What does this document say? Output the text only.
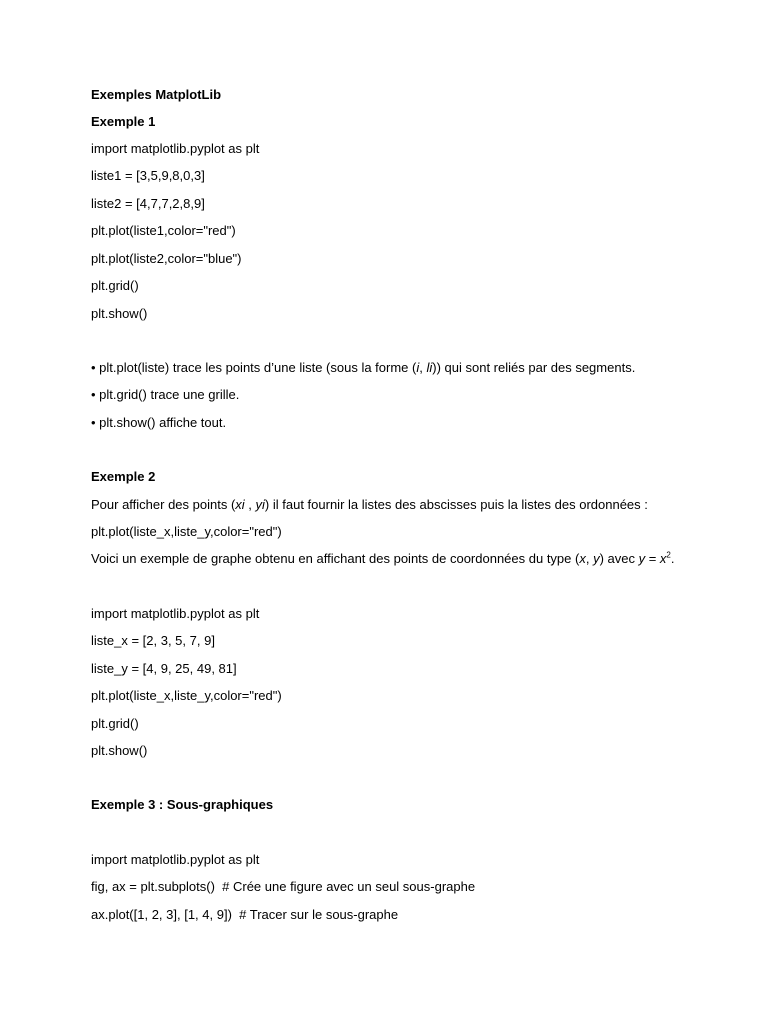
Exemples MatplotLib
Exemple 1
import matplotlib.pyplot as plt
liste1 = [3,5,9,8,0,3]
liste2 = [4,7,7,2,8,9]
plt.plot(liste1,color="red")
plt.plot(liste2,color="blue")
plt.grid()
plt.show()
• plt.plot(liste) trace les points d’une liste (sous la forme (i, li)) qui sont reliés par des segments.
• plt.grid() trace une grille.
• plt.show() affiche tout.
Exemple 2
Pour afficher des points (xi , yi) il faut fournir la listes des abscisses puis la listes des ordonnées :
plt.plot(liste_x,liste_y,color="red")
Voici un exemple de graphe obtenu en affichant des points de coordonnées du type (x, y) avec $y = x^2$.
import matplotlib.pyplot as plt
liste_x = [2, 3, 5, 7, 9]
liste_y = [4, 9, 25, 49, 81]
plt.plot(liste_x,liste_y,color="red")
plt.grid()
plt.show()
Exemple 3 : Sous-graphiques
import matplotlib.pyplot as plt
fig, ax = plt.subplots()  # Crée une figure avec un seul sous-graphe
ax.plot([1, 2, 3], [1, 4, 9])  # Tracer sur le sous-graphe
